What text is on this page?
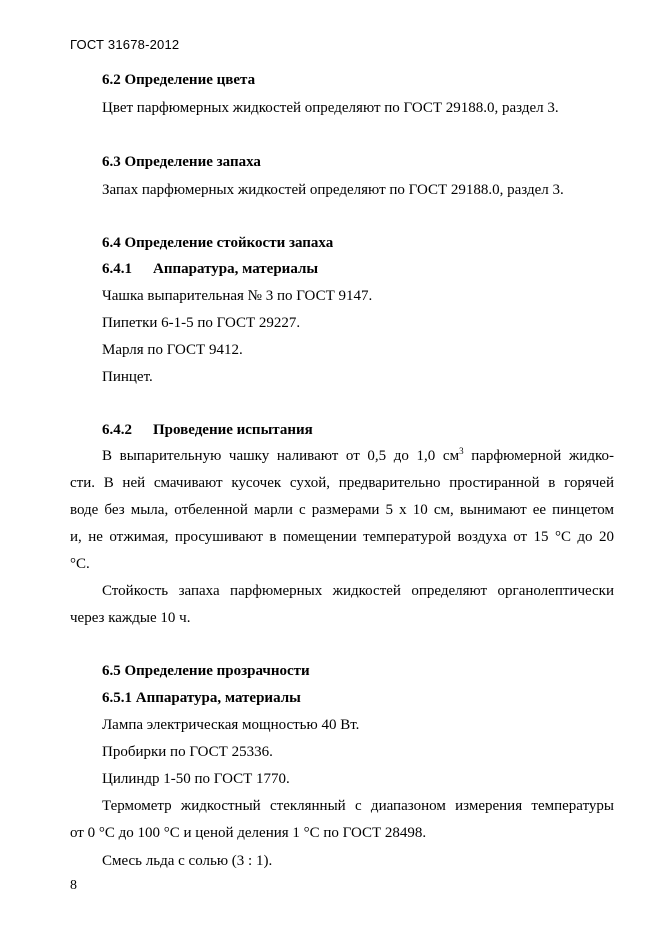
ГОСТ 31678-2012
6.2 Определение цвета
Цвет парфюмерных жидкостей определяют по ГОСТ 29188.0, раздел 3.
6.3 Определение запаха
Запах парфюмерных жидкостей определяют по ГОСТ 29188.0, раздел 3.
6.4 Определение стойкости запаха
6.4.1 Аппаратура, материалы
Чашка выпарительная № 3 по ГОСТ 9147.
Пипетки 6-1-5 по ГОСТ 29227.
Марля по ГОСТ 9412.
Пинцет.
6.4.2 Проведение испытания
В выпарительную чашку наливают от 0,5 до 1,0 $см^3$ парфюмерной жидко-
сти. В ней смачивают кусочек сухой, предварительно простиранной в горячей
воде без мыла, отбеленной марли с размерами 5 х 10 см, вынимают ее пинцетом
и, не отжимая, просушивают в помещении температурой воздуха от 15 °С до 20
°С.
Стойкость запаха парфюмерных жидкостей определяют органолептически
через каждые 10 ч.
6.5 Определение прозрачности
6.5.1 Аппаратура, материалы
Лампа электрическая мощностью 40 Вт.
Пробирки по ГОСТ 25336.
Цилиндр 1-50 по ГОСТ 1770.
Термометр жидкостный стеклянный с диапазоном измерения температуры
от 0 °С до 100 °С и ценой деления 1 °С по ГОСТ 28498.
Смесь льда с солью (3 : 1).
8
